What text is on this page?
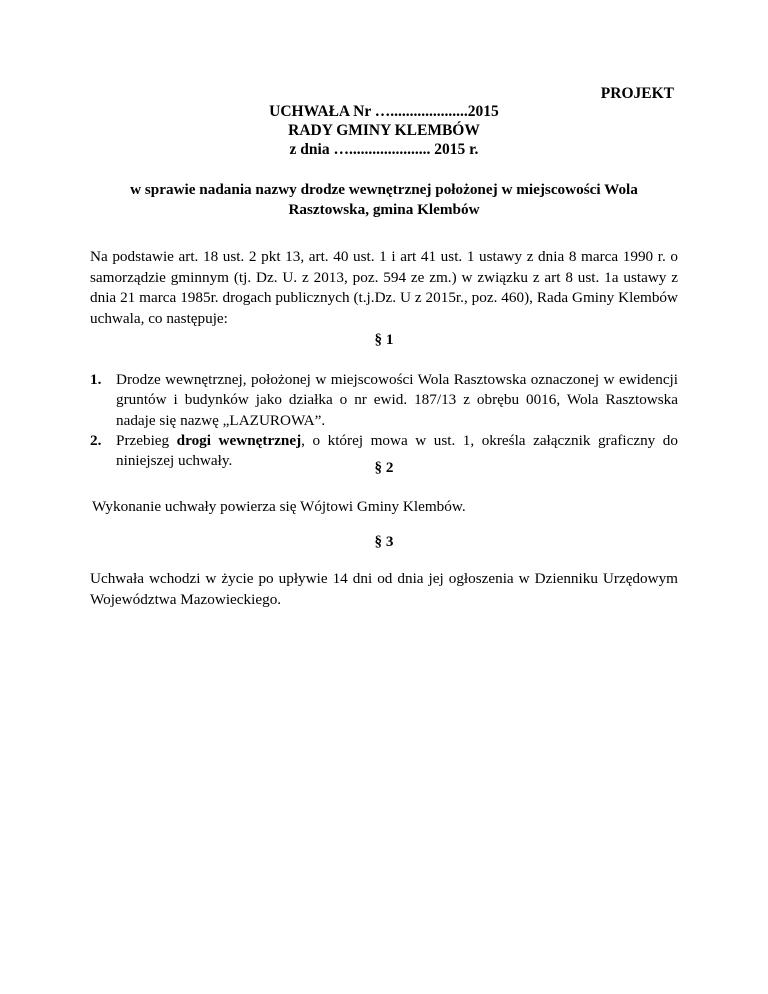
PROJEKT
UCHWAŁA Nr …....................2015
RADY GMINY KLEMBÓW
z dnia …..................... 2015 r.
w sprawie nadania nazwy drodze wewnętrznej położonej w miejscowości Wola
Rasztowska, gmina Klembów
Na podstawie art. 18 ust. 2 pkt 13, art. 40 ust. 1 i art 41 ust. 1 ustawy z dnia 8 marca 1990 r. o samorządzie gminnym (tj. Dz. U. z 2013, poz. 594 ze zm.) w związku z art 8 ust. 1a ustawy z dnia 21 marca 1985r. drogach publicznych (t.j.Dz. U z 2015r., poz. 460), Rada Gminy Klembów uchwala, co następuje:
§ 1
1. Drodze wewnętrznej, położonej w miejscowości Wola Rasztowska oznaczonej w ewidencji gruntów i budynków jako działka o nr ewid. 187/13 z obrębu 0016, Wola Rasztowska nadaje się nazwę „LAZUROWA”.
2. Przebieg drogi wewnętrznej, o której mowa w ust. 1, określa załącznik graficzny do niniejszej uchwały.	§ 2
Wykonanie uchwały powierza się Wójtowi Gminy Klembów.
§ 3
Uchwała wchodzi w życie po upływie 14 dni od dnia jej ogłoszenia w Dzienniku Urzędowym Województwa Mazowieckiego.
